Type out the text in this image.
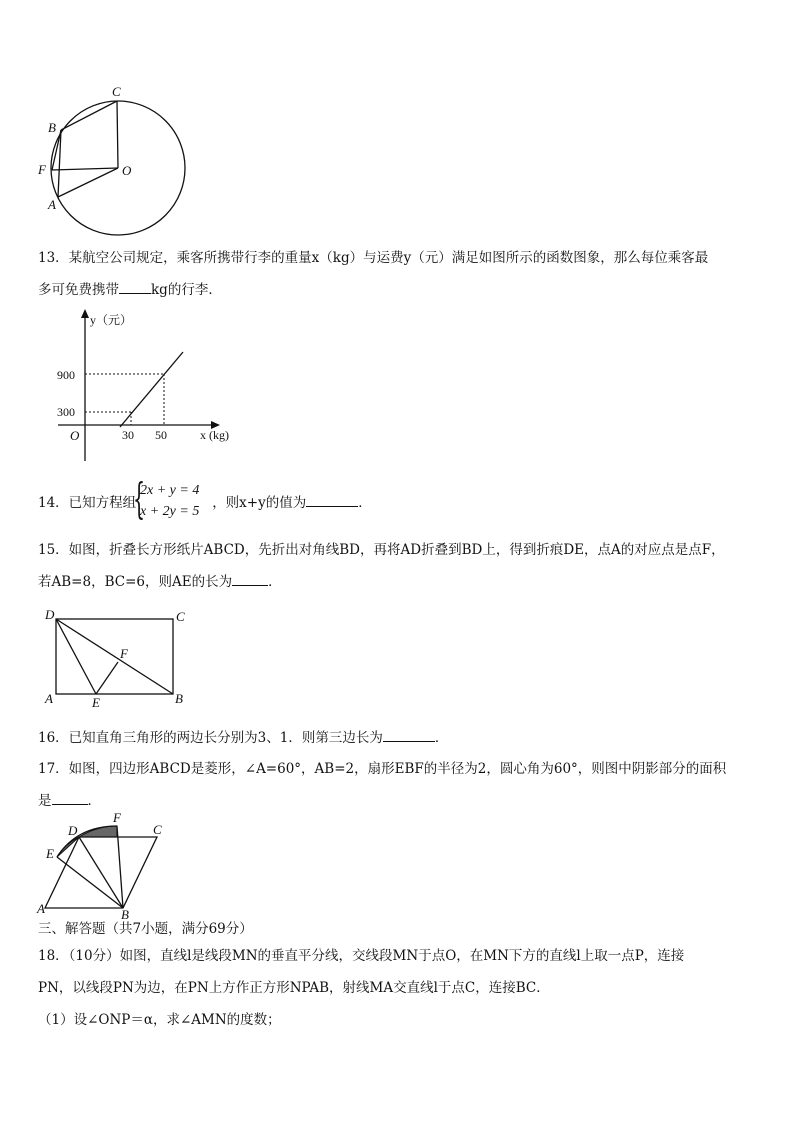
C
B
F	O
A
13．某航空公司规定，乘客所携带行李的重量x（kg）与运费y（元）满足如图所示的函数图象，那么每位乘客最
多可免费携带 kg的行李．
y（元）
x (kg)
O
900
300
30 50
14．已知方程组	，则x+y的值为	．
{
2x + y = 4
x + 2y = 5
15．如图，折叠长方形纸片ABCD，先折出对角线BD，再将AD折叠到BD上，得到折痕DE，点A的对应点是点F，
若AB=8，BC=6，则AE的长为	．
D	C
F
A	E	B
16．已知直角三角形的两边长分别为3、1．则第三边长为	．
17．如图，四边形ABCD是菱形，∠A=60°，AB=2，扇形EBF的半径为2，圆心角为60°，则图中阴影部分的面积
是	．
D
F
C
E
A	B
三、解答题（共7小题，满分69分）
18．（10分）如图，直线l是线段MN的垂直平分线，交线段MN于点O，在MN下方的直线l上取一点P，连接
PN，以线段PN为边，在PN上方作正方形NPAB，射线MA交直线l于点C，连接BC．
（1）设∠ONP＝α，求∠AMN的度数；
